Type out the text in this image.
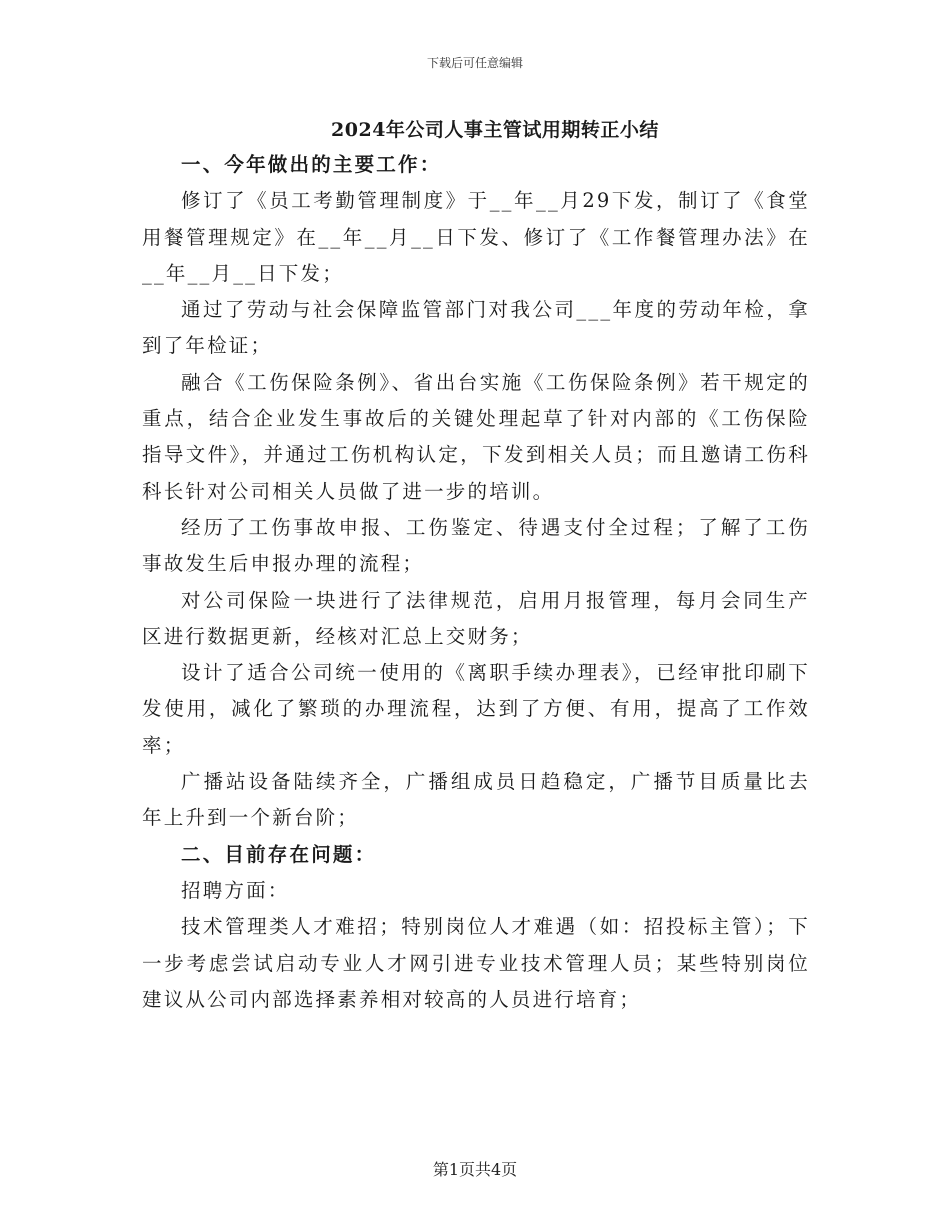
下载后可任意编辑
2024年公司人事主管试用期转正小结
一、今年做出的主要工作：

修订了《员工考勤管理制度》于__年__月29下发，制订了《食堂用餐管理规定》在__年__月__日下发、修订了《工作餐管理办法》在__年__月__日下发；

通过了劳动与社会保障监管部门对我公司___年度的劳动年检，拿到了年检证；

融合《工伤保险条例》、省出台实施《工伤保险条例》若干规定的重点，结合企业发生事故后的关键处理起草了针对内部的《工伤保险指导文件》，并通过工伤机构认定，下发到相关人员；而且邀请工伤科科长针对公司相关人员做了进一步的培训。

经历了工伤事故申报、工伤鉴定、待遇支付全过程；了解了工伤事故发生后申报办理的流程；

对公司保险一块进行了法律规范，启用月报管理，每月会同生产区进行数据更新，经核对汇总上交财务；

设计了适合公司统一使用的《离职手续办理表》，已经审批印刷下发使用，减化了繁琐的办理流程，达到了方便、有用，提高了工作效率；

广播站设备陆续齐全，广播组成员日趋稳定，广播节目质量比去年上升到一个新台阶；

二、目前存在问题：

招聘方面：

技术管理类人才难招；特别岗位人才难遇（如：招投标主管）；下一步考虑尝试启动专业人才网引进专业技术管理人员；某些特别岗位建议从公司内部选择素养相对较高的人员进行培育；

第1页共4页
